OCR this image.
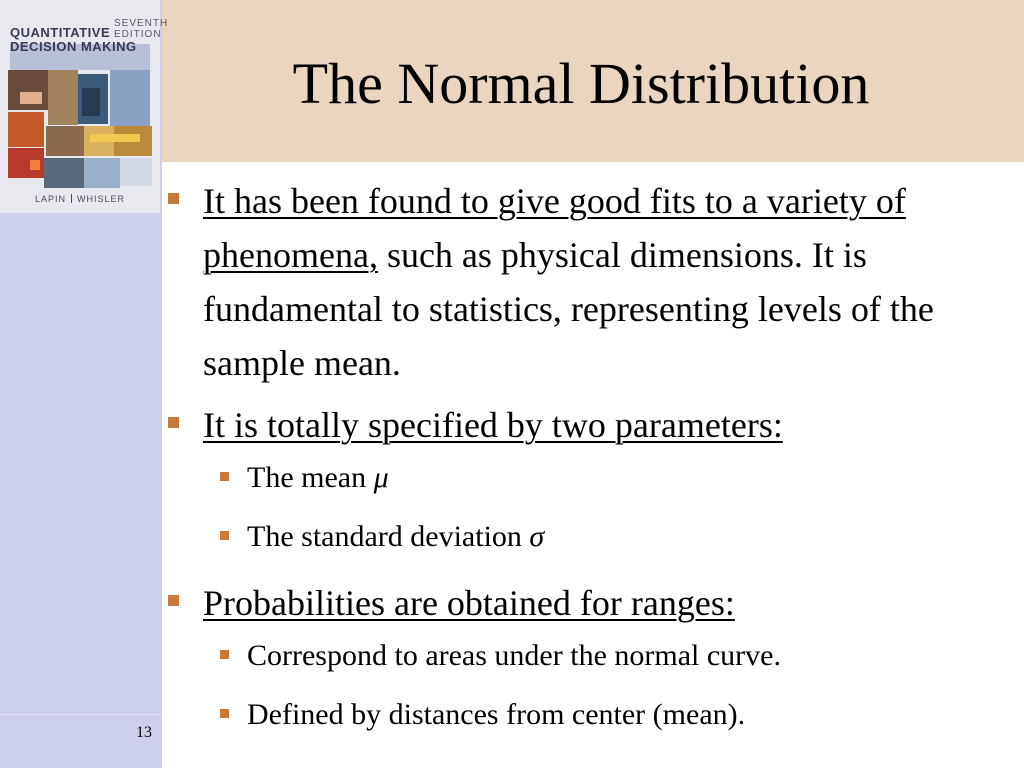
SEVENTH EDITION
QUANTITATIVE
DECISION MAKING
LAPIN WHISLER
The Normal Distribution
It has been found to give good fits to a variety of phenomena, such as physical dimensions. It is fundamental to statistics, representing levels of the sample mean.
It is totally specified by two parameters:
The mean μ
The standard deviation σ
Probabilities are obtained for ranges:
Correspond to areas under the normal curve.
Defined by distances from center (mean).
13
